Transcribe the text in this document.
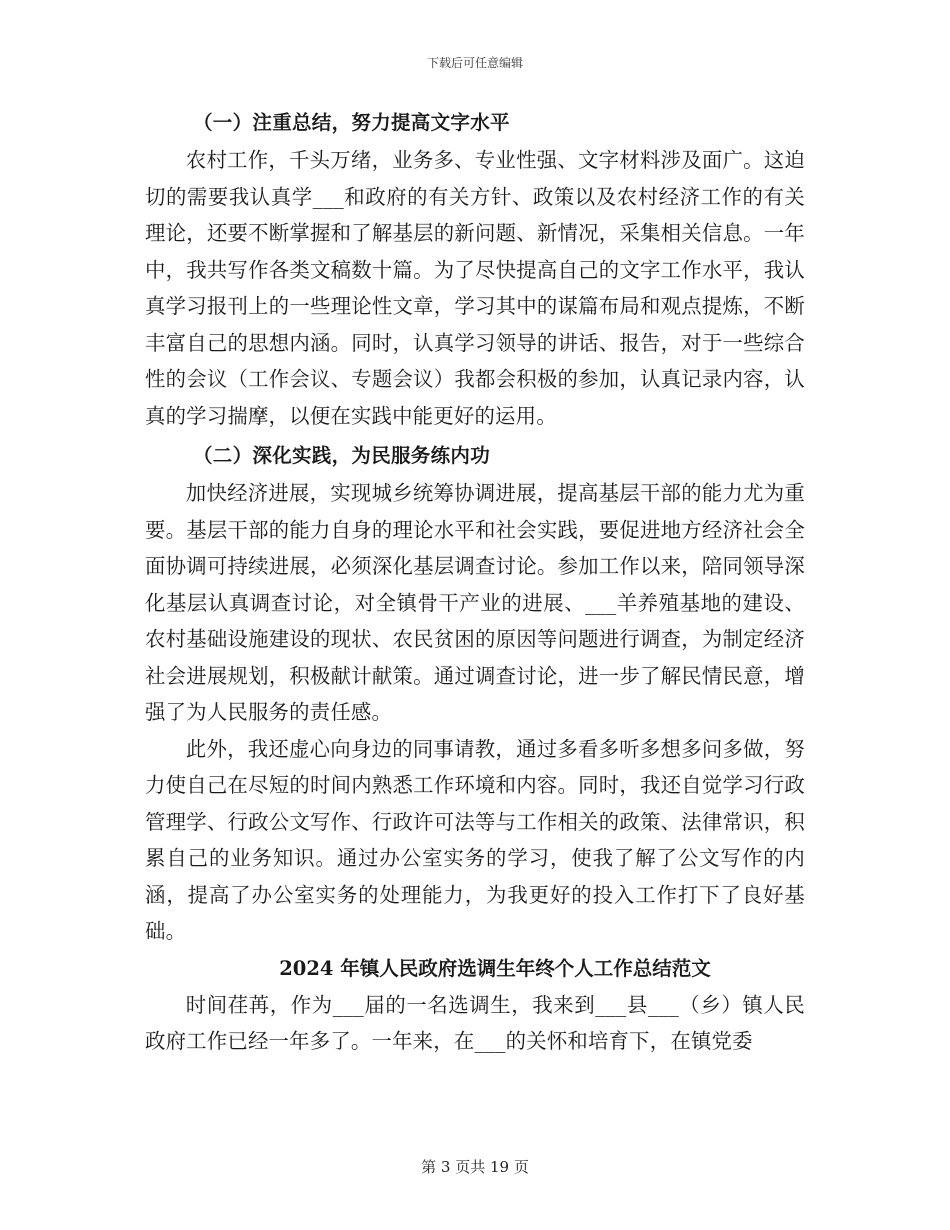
下载后可任意编辑
（一）注重总结，努力提高文字水平

农村工作，千头万绪，业务多、专业性强、文字材料涉及面广。这迫切的需要我认真学___和政府的有关方针、政策以及农村经济工作的有关理论，还要不断掌握和了解基层的新问题、新情况，采集相关信息。一年中，我共写作各类文稿数十篇。为了尽快提高自己的文字工作水平，我认真学习报刊上的一些理论性文章，学习其中的谋篇布局和观点提炼，不断丰富自己的思想内涵。同时，认真学习领导的讲话、报告，对于一些综合性的会议（工作会议、专题会议）我都会积极的参加，认真记录内容，认真的学习揣摩，以便在实践中能更好的运用。

（二）深化实践，为民服务练内功

加快经济进展，实现城乡统筹协调进展，提高基层干部的能力尤为重要。基层干部的能力自身的理论水平和社会实践，要促进地方经济社会全面协调可持续进展，必须深化基层调查讨论。参加工作以来，陪同领导深化基层认真调查讨论，对全镇骨干产业的进展、___羊养殖基地的建设、农村基础设施建设的现状、农民贫困的原因等问题进行调查，为制定经济社会进展规划，积极献计献策。通过调查讨论，进一步了解民情民意，增强了为人民服务的责任感。

此外，我还虚心向身边的同事请教，通过多看多听多想多问多做，努力使自己在尽短的时间内熟悉工作环境和内容。同时，我还自觉学习行政管理学、行政公文写作、行政许可法等与工作相关的政策、法律常识，积累自己的业务知识。通过办公室实务的学习，使我了解了公文写作的内涵，提高了办公室实务的处理能力，为我更好的投入工作打下了良好基础。

2024 年镇人民政府选调生年终个人工作总结范文

时间荏苒，作为___届的一名选调生，我来到___县___（乡）镇人民政府工作已经一年多了。一年来，在___的关怀和培育下，在镇党委

第 3 页共 19 页
